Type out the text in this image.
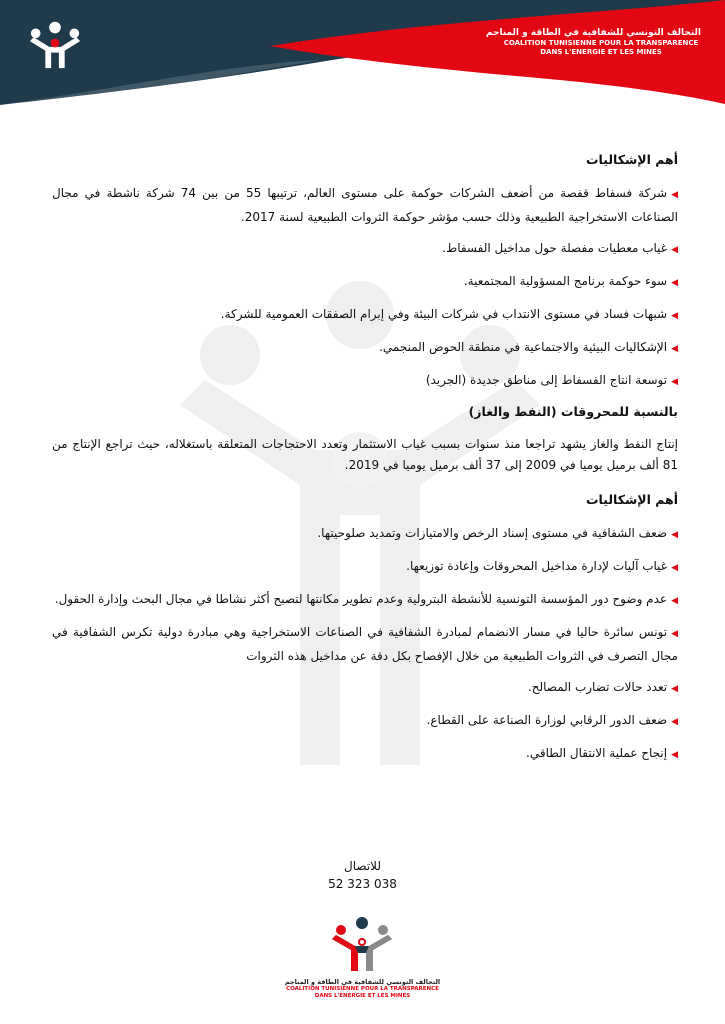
التحالف التونسي للشفافية في الطاقة و المناجم
COALITION TUNISIENNE POUR LA TRANSPARENCE
DANS L'ENERGIE ET LES MINES
أهم الإشكاليات
◀شركة فسفاط قفصة من أضعف الشركات حوكمة على مستوى العالم، ترتيبها 55 من بين 74 شركة ناشطة في مجال الصناعات الاستخراجية الطبيعية وذلك حسب مؤشر حوكمة الثروات الطبيعية لسنة 2017.
◀غياب معطيات مفصلة حول مداخيل الفسفاط.
◀سوء حوكمة برنامج المسؤولية المجتمعية.
◀شبهات فساد في مستوى الانتداب في شركات البيئة وفي إبرام الصفقات العمومية للشركة.
◀الإشكاليات البيئية والاجتماعية في منطقة الحوض المنجمي.
◀توسعة انتاج الفسفاط إلى مناطق جديدة (الجريد)
بالنسبة للمحروقات (النفط والغاز)
إنتاج النفط والغاز يشهد تراجعا منذ سنوات بسبب غياب الاستثمار وتعدد الاحتجاجات المتعلقة باستغلاله، حيث تراجع الإنتاج من 81 ألف برميل يوميا في 2009 إلى 37 ألف برميل يوميا في 2019.
أهم الإشكاليات
◀ضعف الشفافية في مستوى إسناد الرخص والامتيازات وتمديد صلوحيتها.
◀غياب آليات لإدارة مداخيل المحروقات وإعادة توزيعها.
◀عدم وضوح دور المؤسسة التونسية للأنشطة البترولية وعدم تطوير مكانتها لتصبح أكثر نشاطا في مجال البحث وإدارة الحقول.
◀تونس سائرة حاليا في مسار الانضمام لمبادرة الشفافية في الصناعات الاستخراجية وهي مبادرة دولية تكرس الشفافية في مجال التصرف في الثروات الطبيعية من خلال الإفصاح بكل دقة عن مداخيل هذه الثروات
◀تعدد حالات تضارب المصالح.
◀ضعف الدور الرقابي لوزارة الصناعة على القطاع.
◀إنجاح عملية الانتقال الطاقي.
للاتصال
52 323 038
التحالف التونسي للشفافية في الطاقة و المناجم
COALITION TUNISIENNE POUR LA TRANSPARENCE
DANS L'ENERGIE ET LES MINES
